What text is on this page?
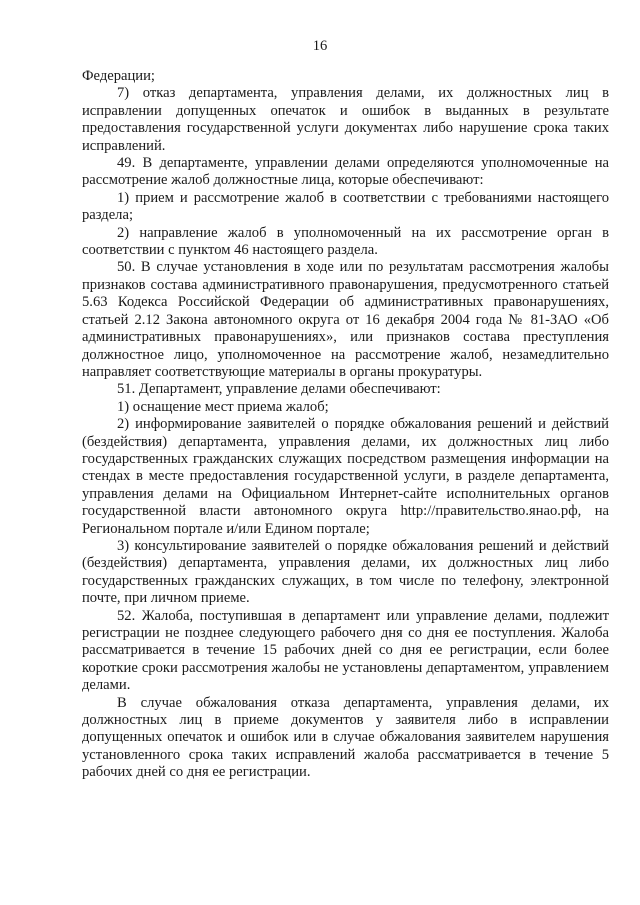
16

Федерации;

7) отказ департамента, управления делами, их должностных лиц в исправлении допущенных опечаток и ошибок в выданных в результате предоставления государственной услуги документах либо нарушение срока таких исправлений.

49. В департаменте, управлении делами определяются уполномоченные на рассмотрение жалоб должностные лица, которые обеспечивают:

1) прием и рассмотрение жалоб в соответствии с требованиями настоящего раздела;

2) направление жалоб в уполномоченный на их рассмотрение орган в соответствии с пунктом 46 настоящего раздела.

50. В случае установления в ходе или по результатам рассмотрения жалобы признаков состава административного правонарушения, предусмотренного статьей 5.63 Кодекса Российской Федерации об административных правонарушениях, статьей 2.12 Закона автономного округа от 16 декабря 2004 года № 81-ЗАО «Об административных правонарушениях», или признаков состава преступления должностное лицо, уполномоченное на рассмотрение жалоб, незамедлительно направляет соответствующие материалы в органы прокуратуры.

51. Департамент, управление делами обеспечивают:

1) оснащение мест приема жалоб;

2) информирование заявителей о порядке обжалования решений и действий (бездействия) департамента, управления делами, их должностных лиц либо государственных гражданских служащих посредством размещения информации на стендах в месте предоставления государственной услуги, в разделе департамента, управления делами на Официальном Интернет-сайте исполнительных органов государственной власти автономного округа http://правительство.янао.рф, на Региональном портале и/или Едином портале;

3) консультирование заявителей о порядке обжалования решений и действий (бездействия) департамента, управления делами, их должностных лиц либо государственных гражданских служащих, в том числе по телефону, электронной почте, при личном приеме.

52. Жалоба, поступившая в департамент или управление делами, подлежит регистрации не позднее следующего рабочего дня со дня ее поступления. Жалоба рассматривается в течение 15 рабочих дней со дня ее регистрации, если более короткие сроки рассмотрения жалобы не установлены департаментом, управлением делами.

В случае обжалования отказа департамента, управления делами, их должностных лиц в приеме документов у заявителя либо в исправлении допущенных опечаток и ошибок или в случае обжалования заявителем нарушения установленного срока таких исправлений жалоба рассматривается в течение 5 рабочих дней со дня ее регистрации.
